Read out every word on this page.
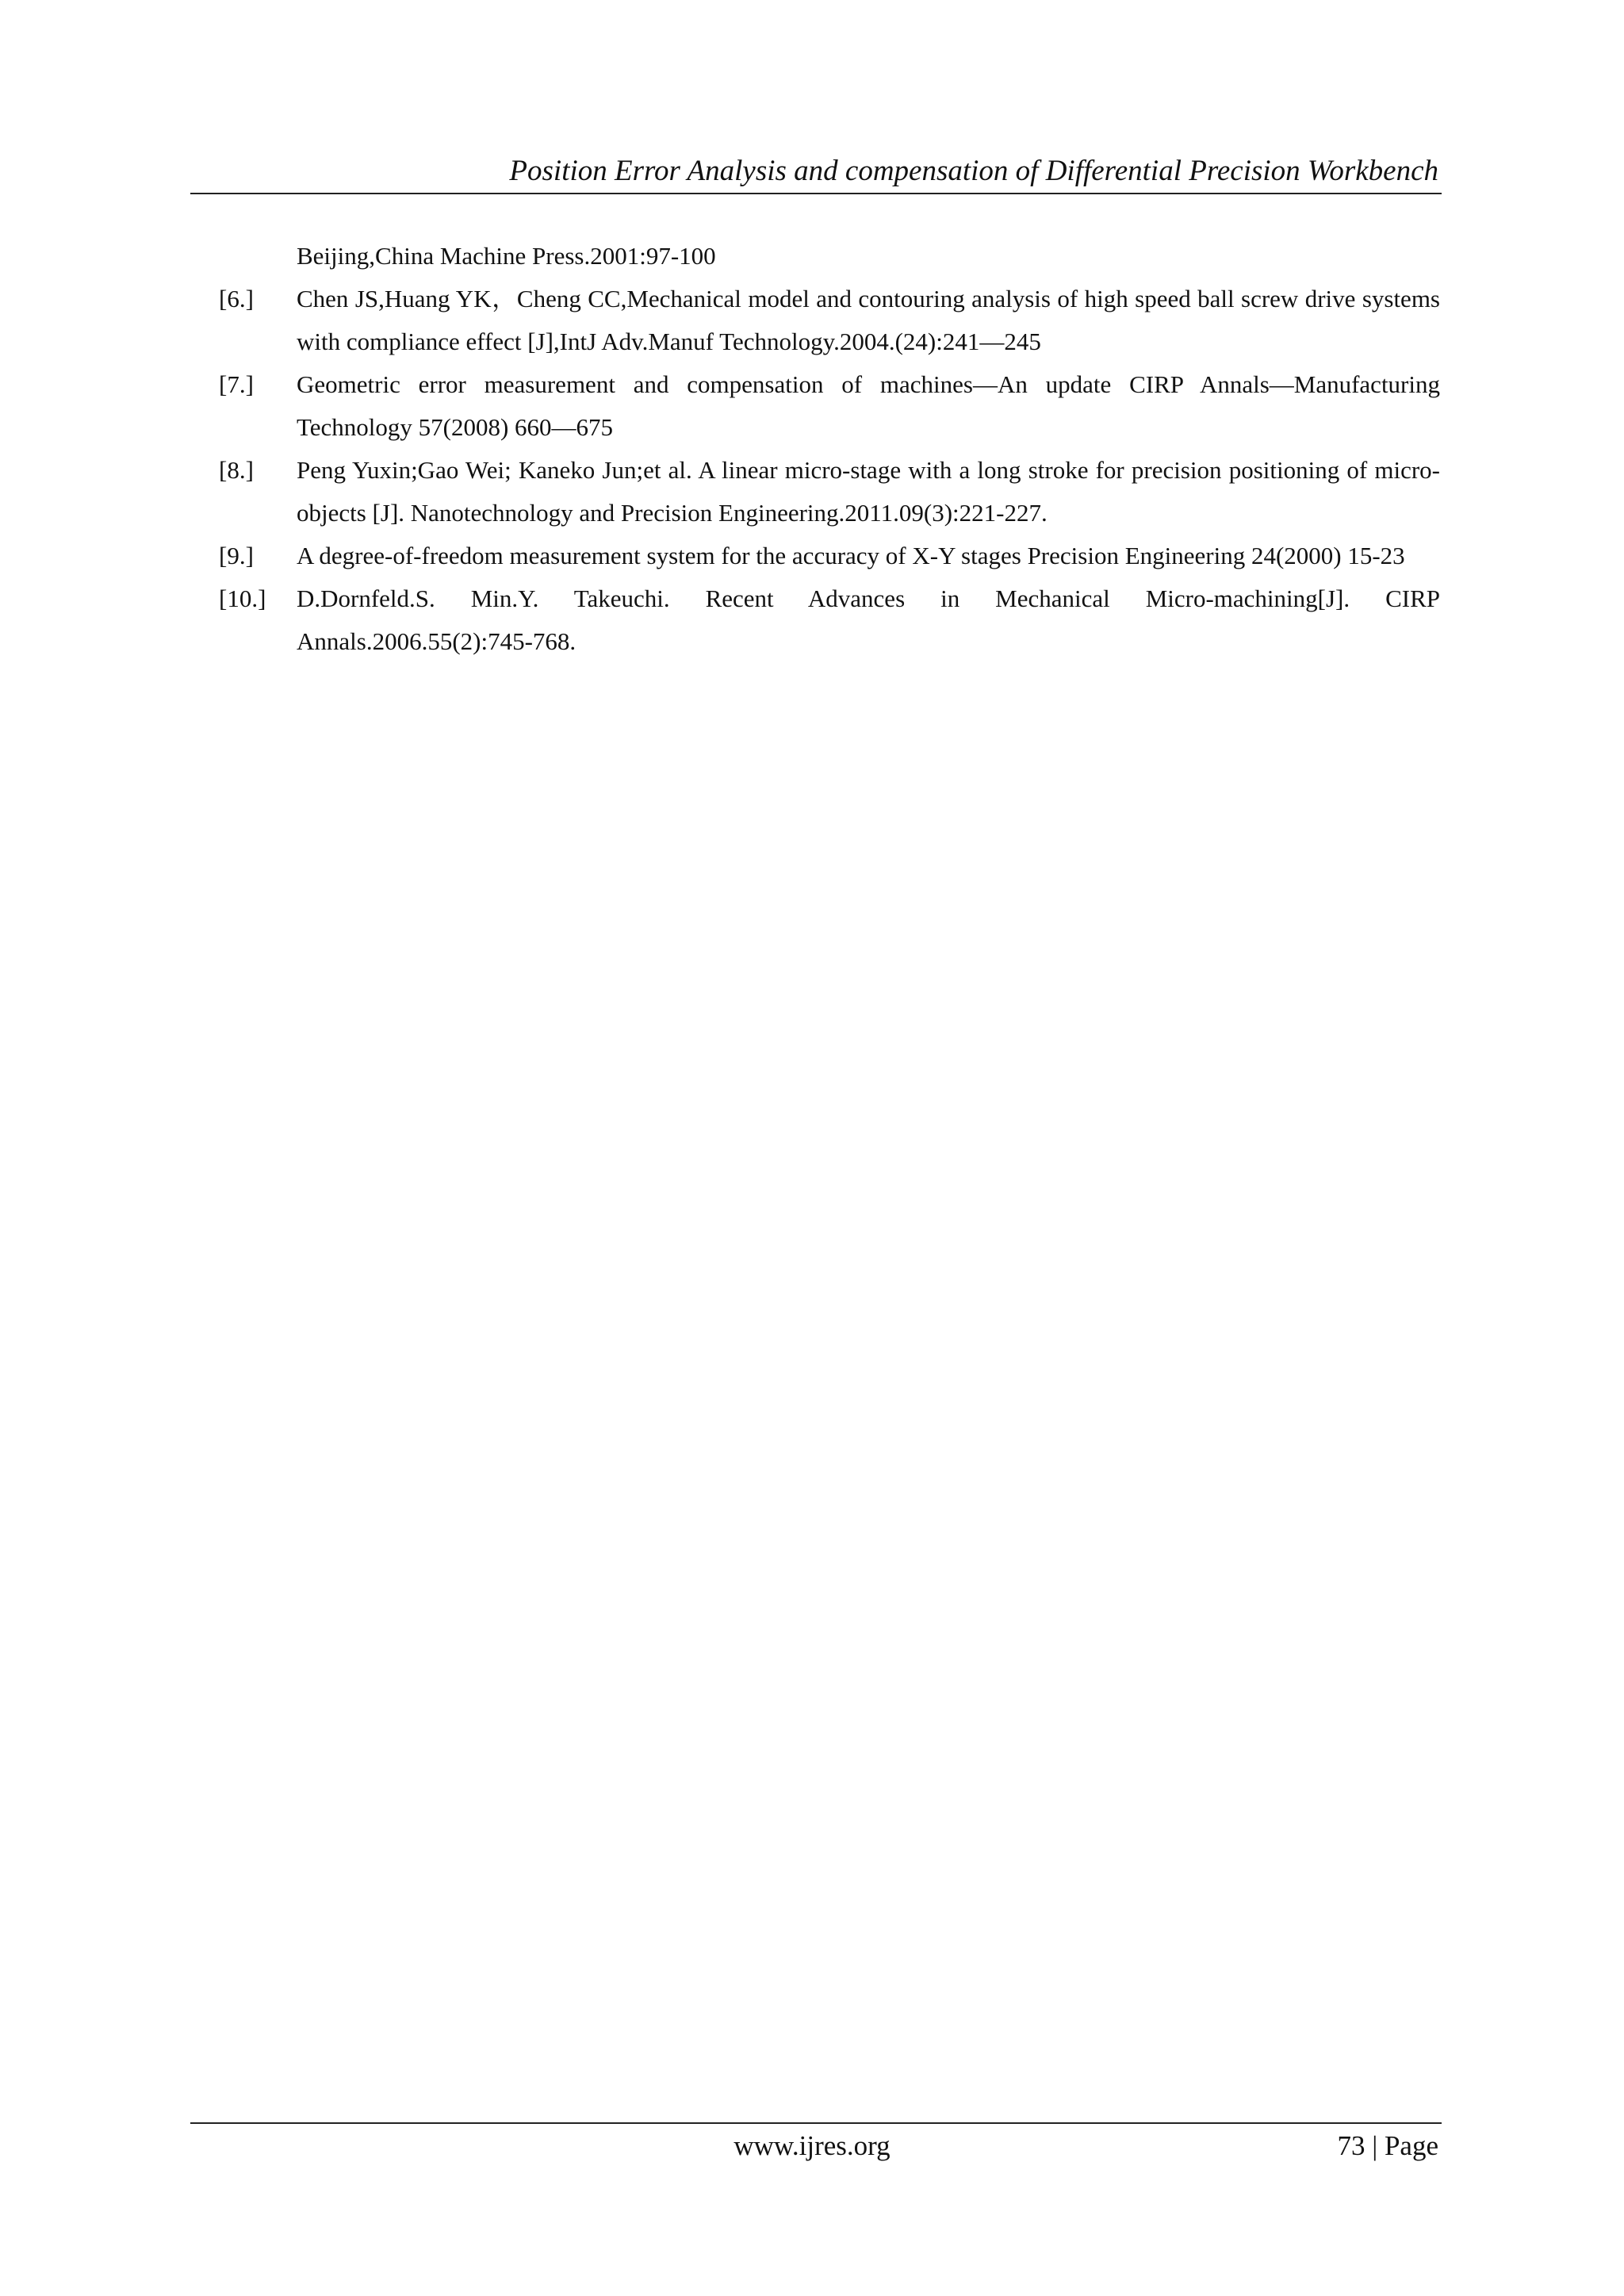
Position Error Analysis and compensation of Differential Precision Workbench
Beijing,China Machine Press.2001:97-100
[6.]	Chen JS,Huang YK，Cheng CC,Mechanical model and contouring analysis of high speed ball screw drive systems with compliance effect [J],IntJ Adv.Manuf Technology.2004.(24):241—245
[7.]	Geometric error measurement and compensation of machines—An update CIRP Annals—Manufacturing Technology 57(2008) 660—675
[8.]	Peng Yuxin;Gao Wei; Kaneko Jun;et al. A linear micro-stage with a long stroke for precision positioning of micro-objects [J]. Nanotechnology and Precision Engineering.2011.09(3):221-227.
[9.]	A degree-of-freedom measurement system for the accuracy of X-Y stages Precision Engineering 24(2000) 15-23
[10.]	D.Dornfeld.S. Min.Y. Takeuchi. Recent Advances in Mechanical Micro-machining[J]. CIRP Annals.2006.55(2):745-768.
www.ijres.org	73 | Page
